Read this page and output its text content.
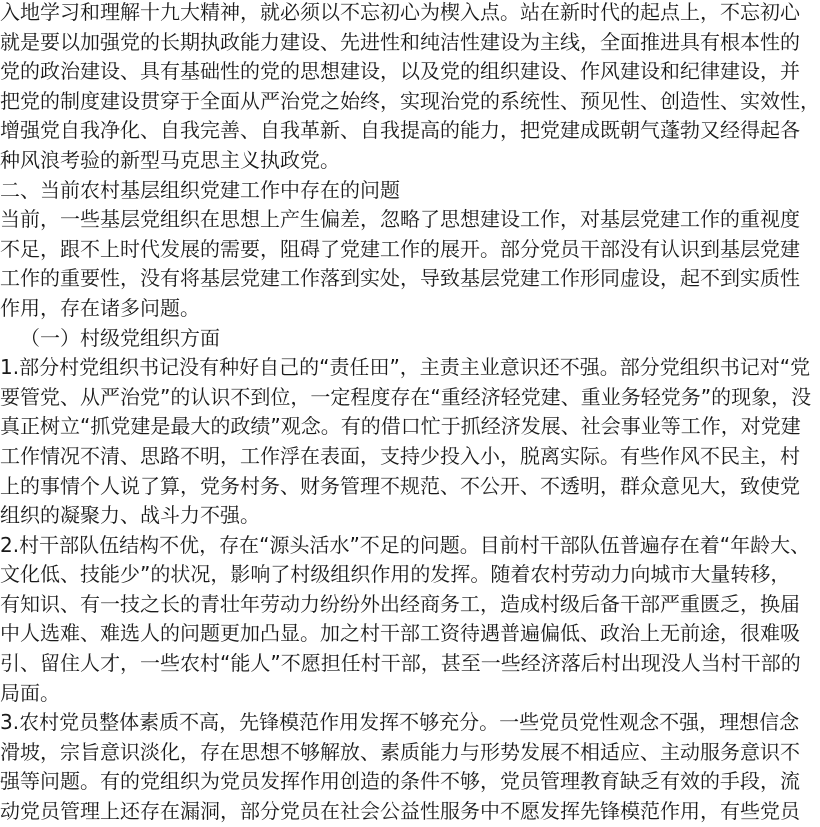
入地学习和理解十九大精神，就必须以不忘初心为楔入点。站在新时代的起点上，不忘初心
就是要以加强党的长期执政能力建设、先进性和纯洁性建设为主线，全面推进具有根本性的
党的政治建设、具有基础性的党的思想建设，以及党的组织建设、作风建设和纪律建设，并
把党的制度建设贯穿于全面从严治党之始终，实现治党的系统性、预见性、创造性、实效性，
增强党自我净化、自我完善、自我革新、自我提高的能力，把党建成既朝气蓬勃又经得起各
种风浪考验的新型马克思主义执政党。
二、当前农村基层组织党建工作中存在的问题
当前，一些基层党组织在思想上产生偏差，忽略了思想建设工作，对基层党建工作的重视度
不足，跟不上时代发展的需要，阻碍了党建工作的展开。部分党员干部没有认识到基层党建
工作的重要性，没有将基层党建工作落到实处，导致基层党建工作形同虚设，起不到实质性
作用，存在诸多问题。
（一）村级党组织方面
1.部分村党组织书记没有种好自己的“责任田”，主责主业意识还不强。部分党组织书记对“党
要管党、从严治党”的认识不到位，一定程度存在“重经济轻党建、重业务轻党务”的现象，没
真正树立“抓党建是最大的政绩”观念。有的借口忙于抓经济发展、社会事业等工作，对党建
工作情况不清、思路不明，工作浮在表面，支持少投入小，脱离实际。有些作风不民主，村
上的事情个人说了算，党务村务、财务管理不规范、不公开、不透明，群众意见大，致使党
组织的凝聚力、战斗力不强。
2.村干部队伍结构不优，存在“源头活水”不足的问题。目前村干部队伍普遍存在着“年龄大、
文化低、技能少”的状况，影响了村级组织作用的发挥。随着农村劳动力向城市大量转移，
有知识、有一技之长的青壮年劳动力纷纷外出经商务工，造成村级后备干部严重匮乏，换届
中人选难、难选人的问题更加凸显。加之村干部工资待遇普遍偏低、政治上无前途，很难吸
引、留住人才，一些农村“能人”不愿担任村干部，甚至一些经济落后村出现没人当村干部的
局面。
3.农村党员整体素质不高，先锋模范作用发挥不够充分。一些党员党性观念不强，理想信念
滑坡，宗旨意识淡化，存在思想不够解放、素质能力与形势发展不相适应、主动服务意识不
强等问题。有的党组织为党员发挥作用创造的条件不够，党员管理教育缺乏有效的手段，流
动党员管理上还存在漏洞，部分党员在社会公益性服务中不愿发挥先锋模范作用，有些党员
